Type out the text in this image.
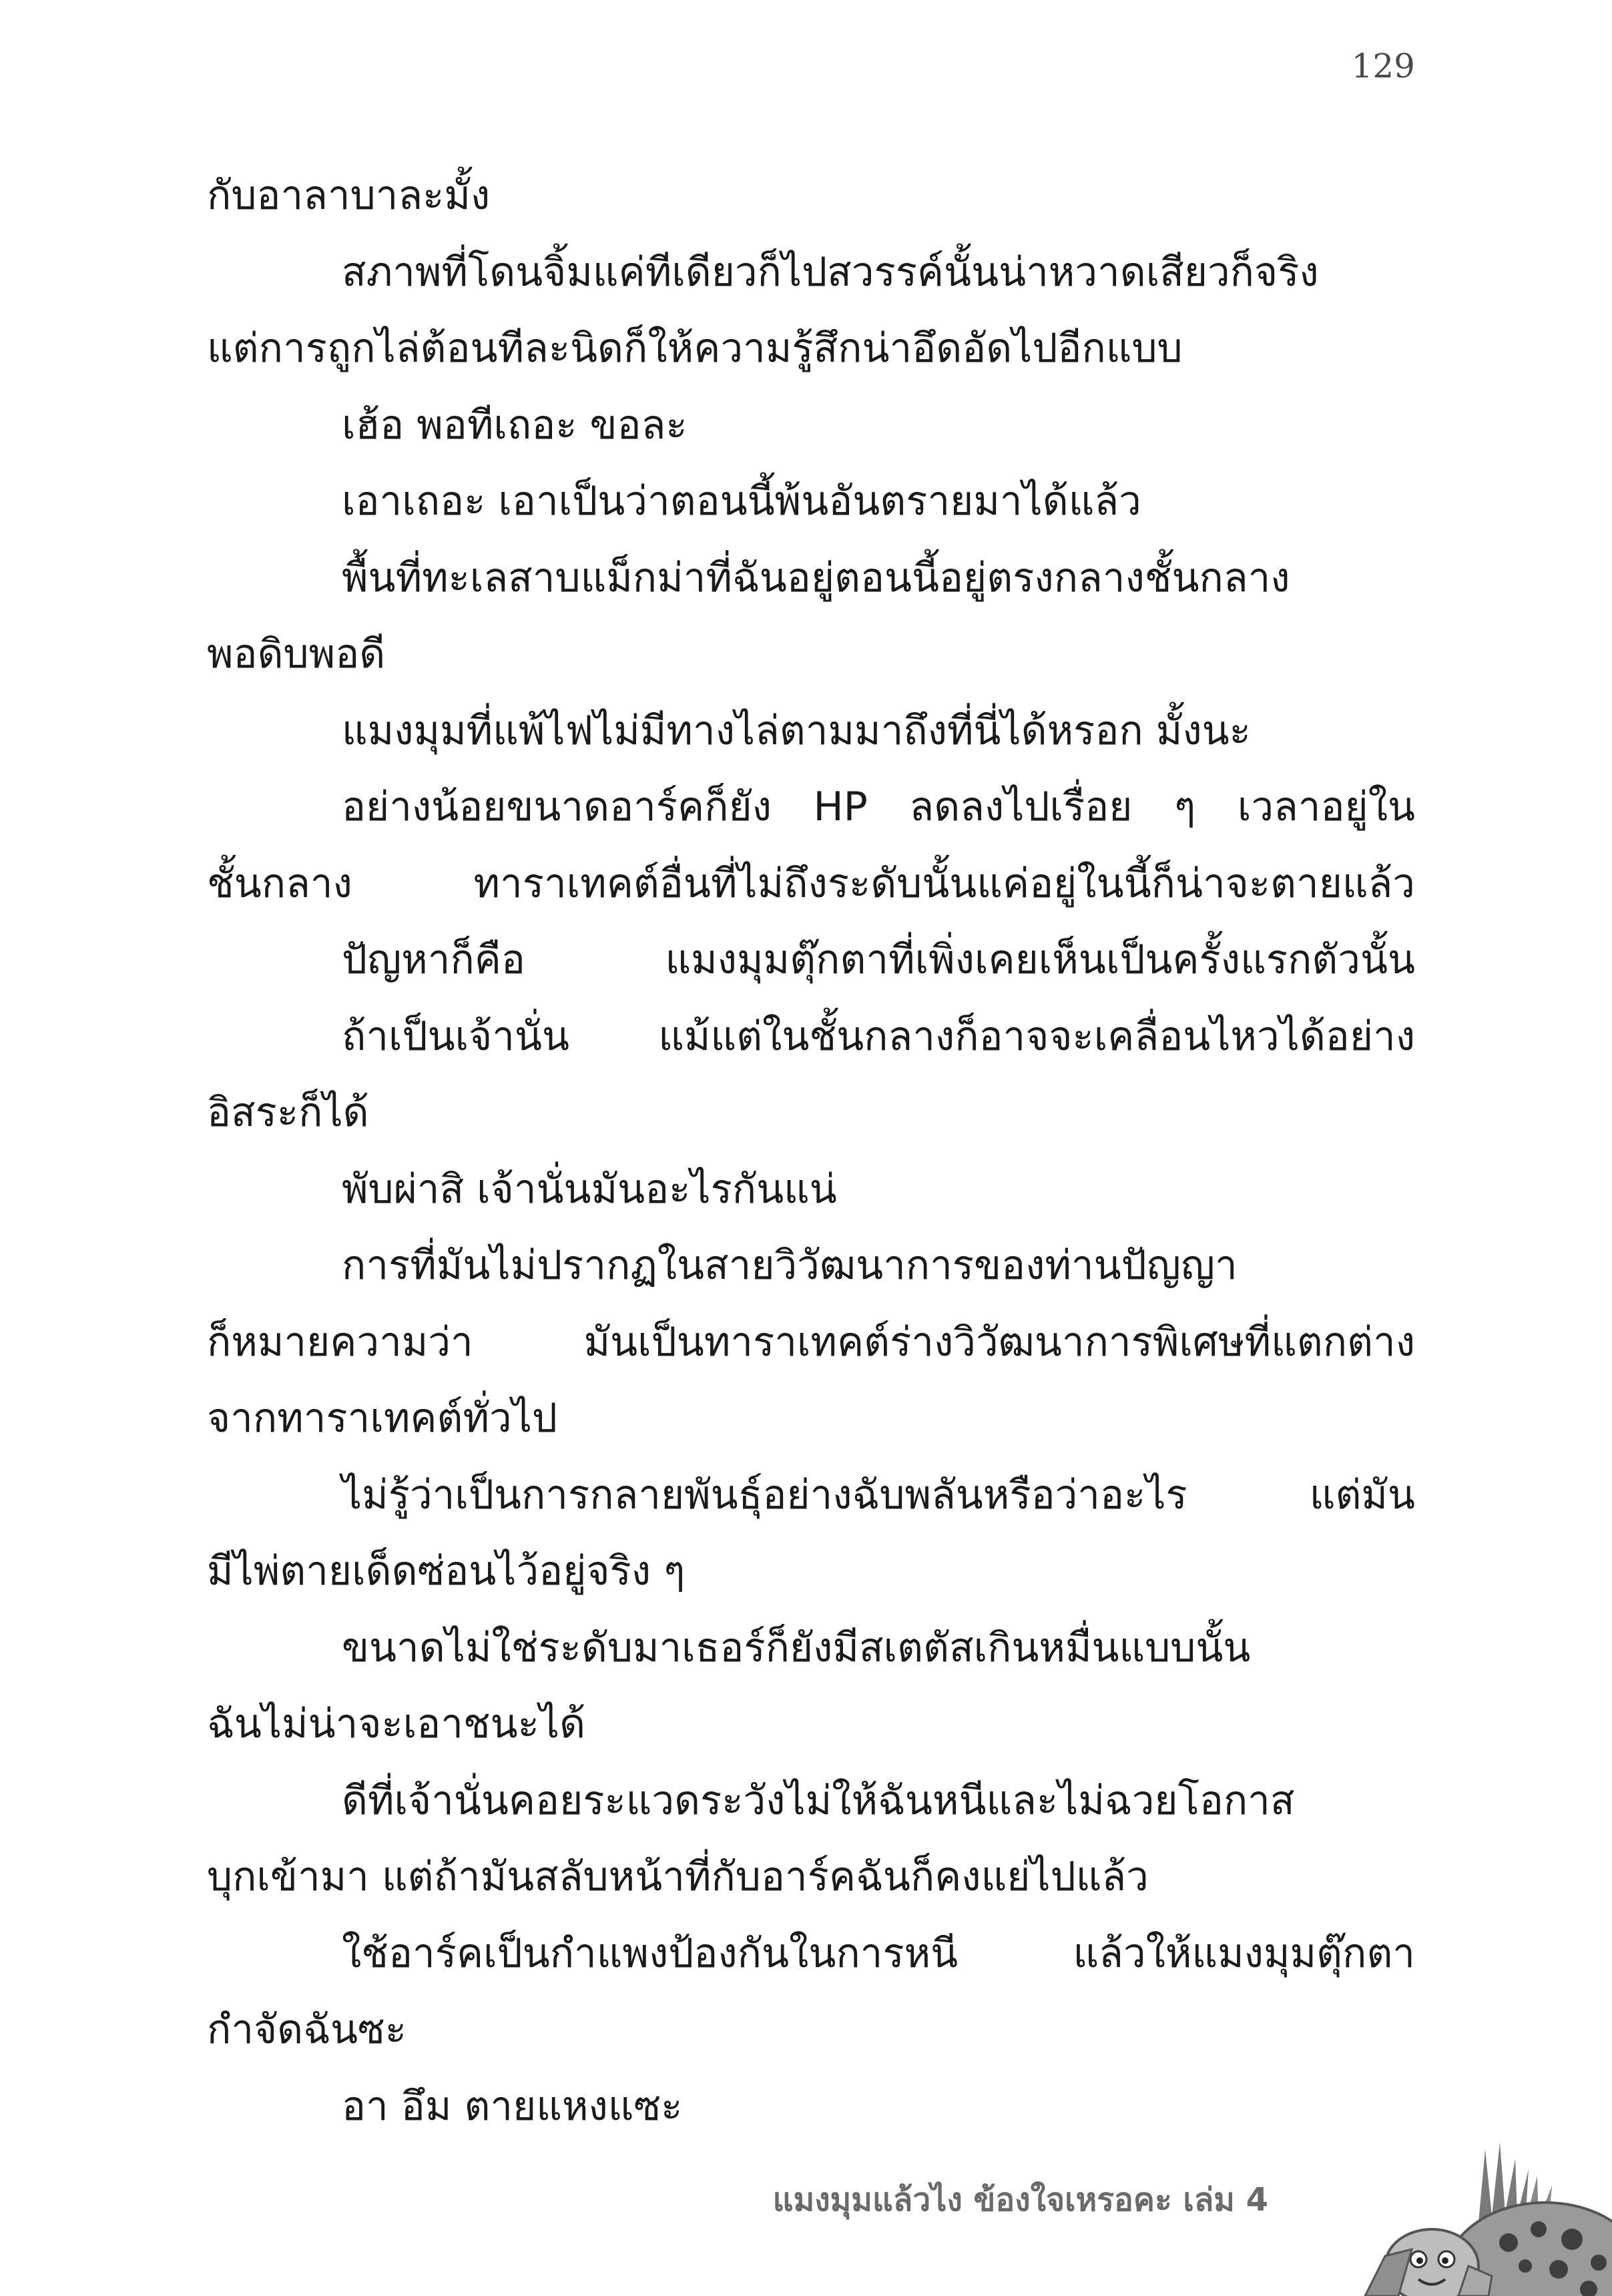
129
กับอาลาบาละมั้ง
สภาพที่โดนจิ้มแค่ทีเดียวก็ไปสวรรค์นั้นน่าหวาดเสียวก็จริง
แต่การถูกไล่ต้อนทีละนิดก็ให้ความรู้สึกน่าอึดอัดไปอีกแบบ
เฮ้อ พอทีเถอะ ขอละ
เอาเถอะ เอาเป็นว่าตอนนี้พ้นอันตรายมาได้แล้ว
พื้นที่ทะเลสาบแม็กม่าที่ฉันอยู่ตอนนี้อยู่ตรงกลางชั้นกลาง
พอดิบพอดี
แมงมุมที่แพ้ไฟไม่มีทางไล่ตามมาถึงที่นี่ได้หรอก มั้งนะ
อย่างน้อยขนาดอาร์คก็ยัง HP ลดลงไปเรื่อย ๆ เวลาอยู่ใน
ชั้นกลาง ทาราเทคต์อื่นที่ไม่ถึงระดับนั้นแค่อยู่ในนี้ก็น่าจะตายแล้ว
ปัญหาก็คือ แมงมุมตุ๊กตาที่เพิ่งเคยเห็นเป็นครั้งแรกตัวนั้น
ถ้าเป็นเจ้านั่น แม้แต่ในชั้นกลางก็อาจจะเคลื่อนไหวได้อย่าง
อิสระก็ได้
พับผ่าสิ เจ้านั่นมันอะไรกันแน่
การที่มันไม่ปรากฏในสายวิวัฒนาการของท่านปัญญา
ก็หมายความว่า มันเป็นทาราเทคต์ร่างวิวัฒนาการพิเศษที่แตกต่าง
จากทาราเทคต์ทั่วไป
ไม่รู้ว่าเป็นการกลายพันธุ์อย่างฉับพลันหรือว่าอะไร แต่มัน
มีไพ่ตายเด็ดซ่อนไว้อยู่จริง ๆ
ขนาดไม่ใช่ระดับมาเธอร์ก็ยังมีสเตตัสเกินหมื่นแบบนั้น
ฉันไม่น่าจะเอาชนะได้
ดีที่เจ้านั่นคอยระแวดระวังไม่ให้ฉันหนีและไม่ฉวยโอกาส
บุกเข้ามา แต่ถ้ามันสลับหน้าที่กับอาร์คฉันก็คงแย่ไปแล้ว
ใช้อาร์คเป็นกำแพงป้องกันในการหนี แล้วให้แมงมุมตุ๊กตา
กำจัดฉันซะ
อา อึม ตายแหงแซะ
แมงมุมแล้วไง ข้องใจเหรอคะ เล่ม 4
